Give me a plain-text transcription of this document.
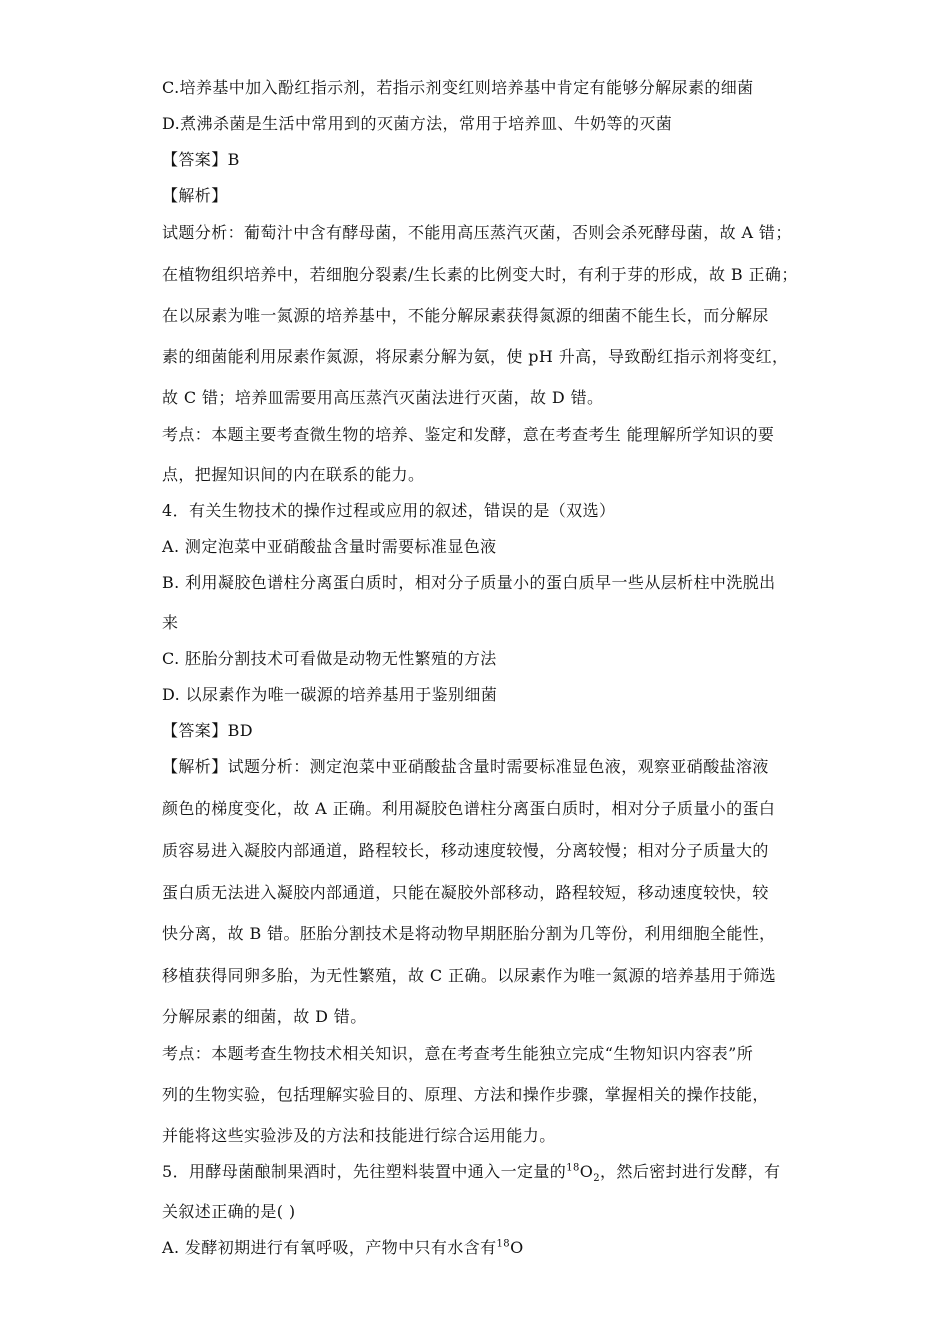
C.培养基中加入酚红指示剂，若指示剂变红则培养基中肯定有能够分解尿素的细菌
D.煮沸杀菌是生活中常用到的灭菌方法，常用于培养皿、牛奶等的灭菌
【答案】B
【解析】
试题分析：葡萄汁中含有酵母菌，不能用高压蒸汽灭菌，否则会杀死酵母菌，故 A 错；
在植物组织培养中，若细胞分裂素/生长素的比例变大时，有利于芽的形成，故 B 正确；
在以尿素为唯一氮源的培养基中，不能分解尿素获得氮源的细菌不能生长，而分解尿
素的细菌能利用尿素作氮源，将尿素分解为氨，使 pH 升高，导致酚红指示剂将变红，
故 C 错；培养皿需要用高压蒸汽灭菌法进行灭菌，故 D 错。
考点：本题主要考查微生物的培养、鉴定和发酵，意在考查考生 能理解所学知识的要
点，把握知识间的内在联系的能力。
4．有关生物技术的操作过程或应用的叙述，错误的是（双选）
A. 测定泡菜中亚硝酸盐含量时需要标准显色液
B. 利用凝胶色谱柱分离蛋白质时，相对分子质量小的蛋白质早一些从层析柱中洗脱出
来
C. 胚胎分割技术可看做是动物无性繁殖的方法
D. 以尿素作为唯一碳源的培养基用于鉴别细菌
【答案】BD
【解析】试题分析：测定泡菜中亚硝酸盐含量时需要标准显色液，观察亚硝酸盐溶液
颜色的梯度变化，故 A 正确。利用凝胶色谱柱分离蛋白质时，相对分子质量小的蛋白
质容易进入凝胶内部通道，路程较长，移动速度较慢，分离较慢；相对分子质量大的
蛋白质无法进入凝胶内部通道，只能在凝胶外部移动，路程较短，移动速度较快，较
快分离，故 B 错。胚胎分割技术是将动物早期胚胎分割为几等份，利用细胞全能性，
移植获得同卵多胎，为无性繁殖，故 C 正确。以尿素作为唯一氮源的培养基用于筛选
分解尿素的细菌，故 D 错。
考点：本题考查生物技术相关知识，意在考查考生能独立完成“生物知识内容表”所
列的生物实验，包括理解实验目的、原理、方法和操作步骤，掌握相关的操作技能，
并能将这些实验涉及的方法和技能进行综合运用能力。
5．用酵母菌酿制果酒时，先往塑料装置中通入一定量的$^{18}O_2$，然后密封进行发酵，有
关叙述正确的是( )
A. 发酵初期进行有氧呼吸，产物中只有水含有$^{18}$O
